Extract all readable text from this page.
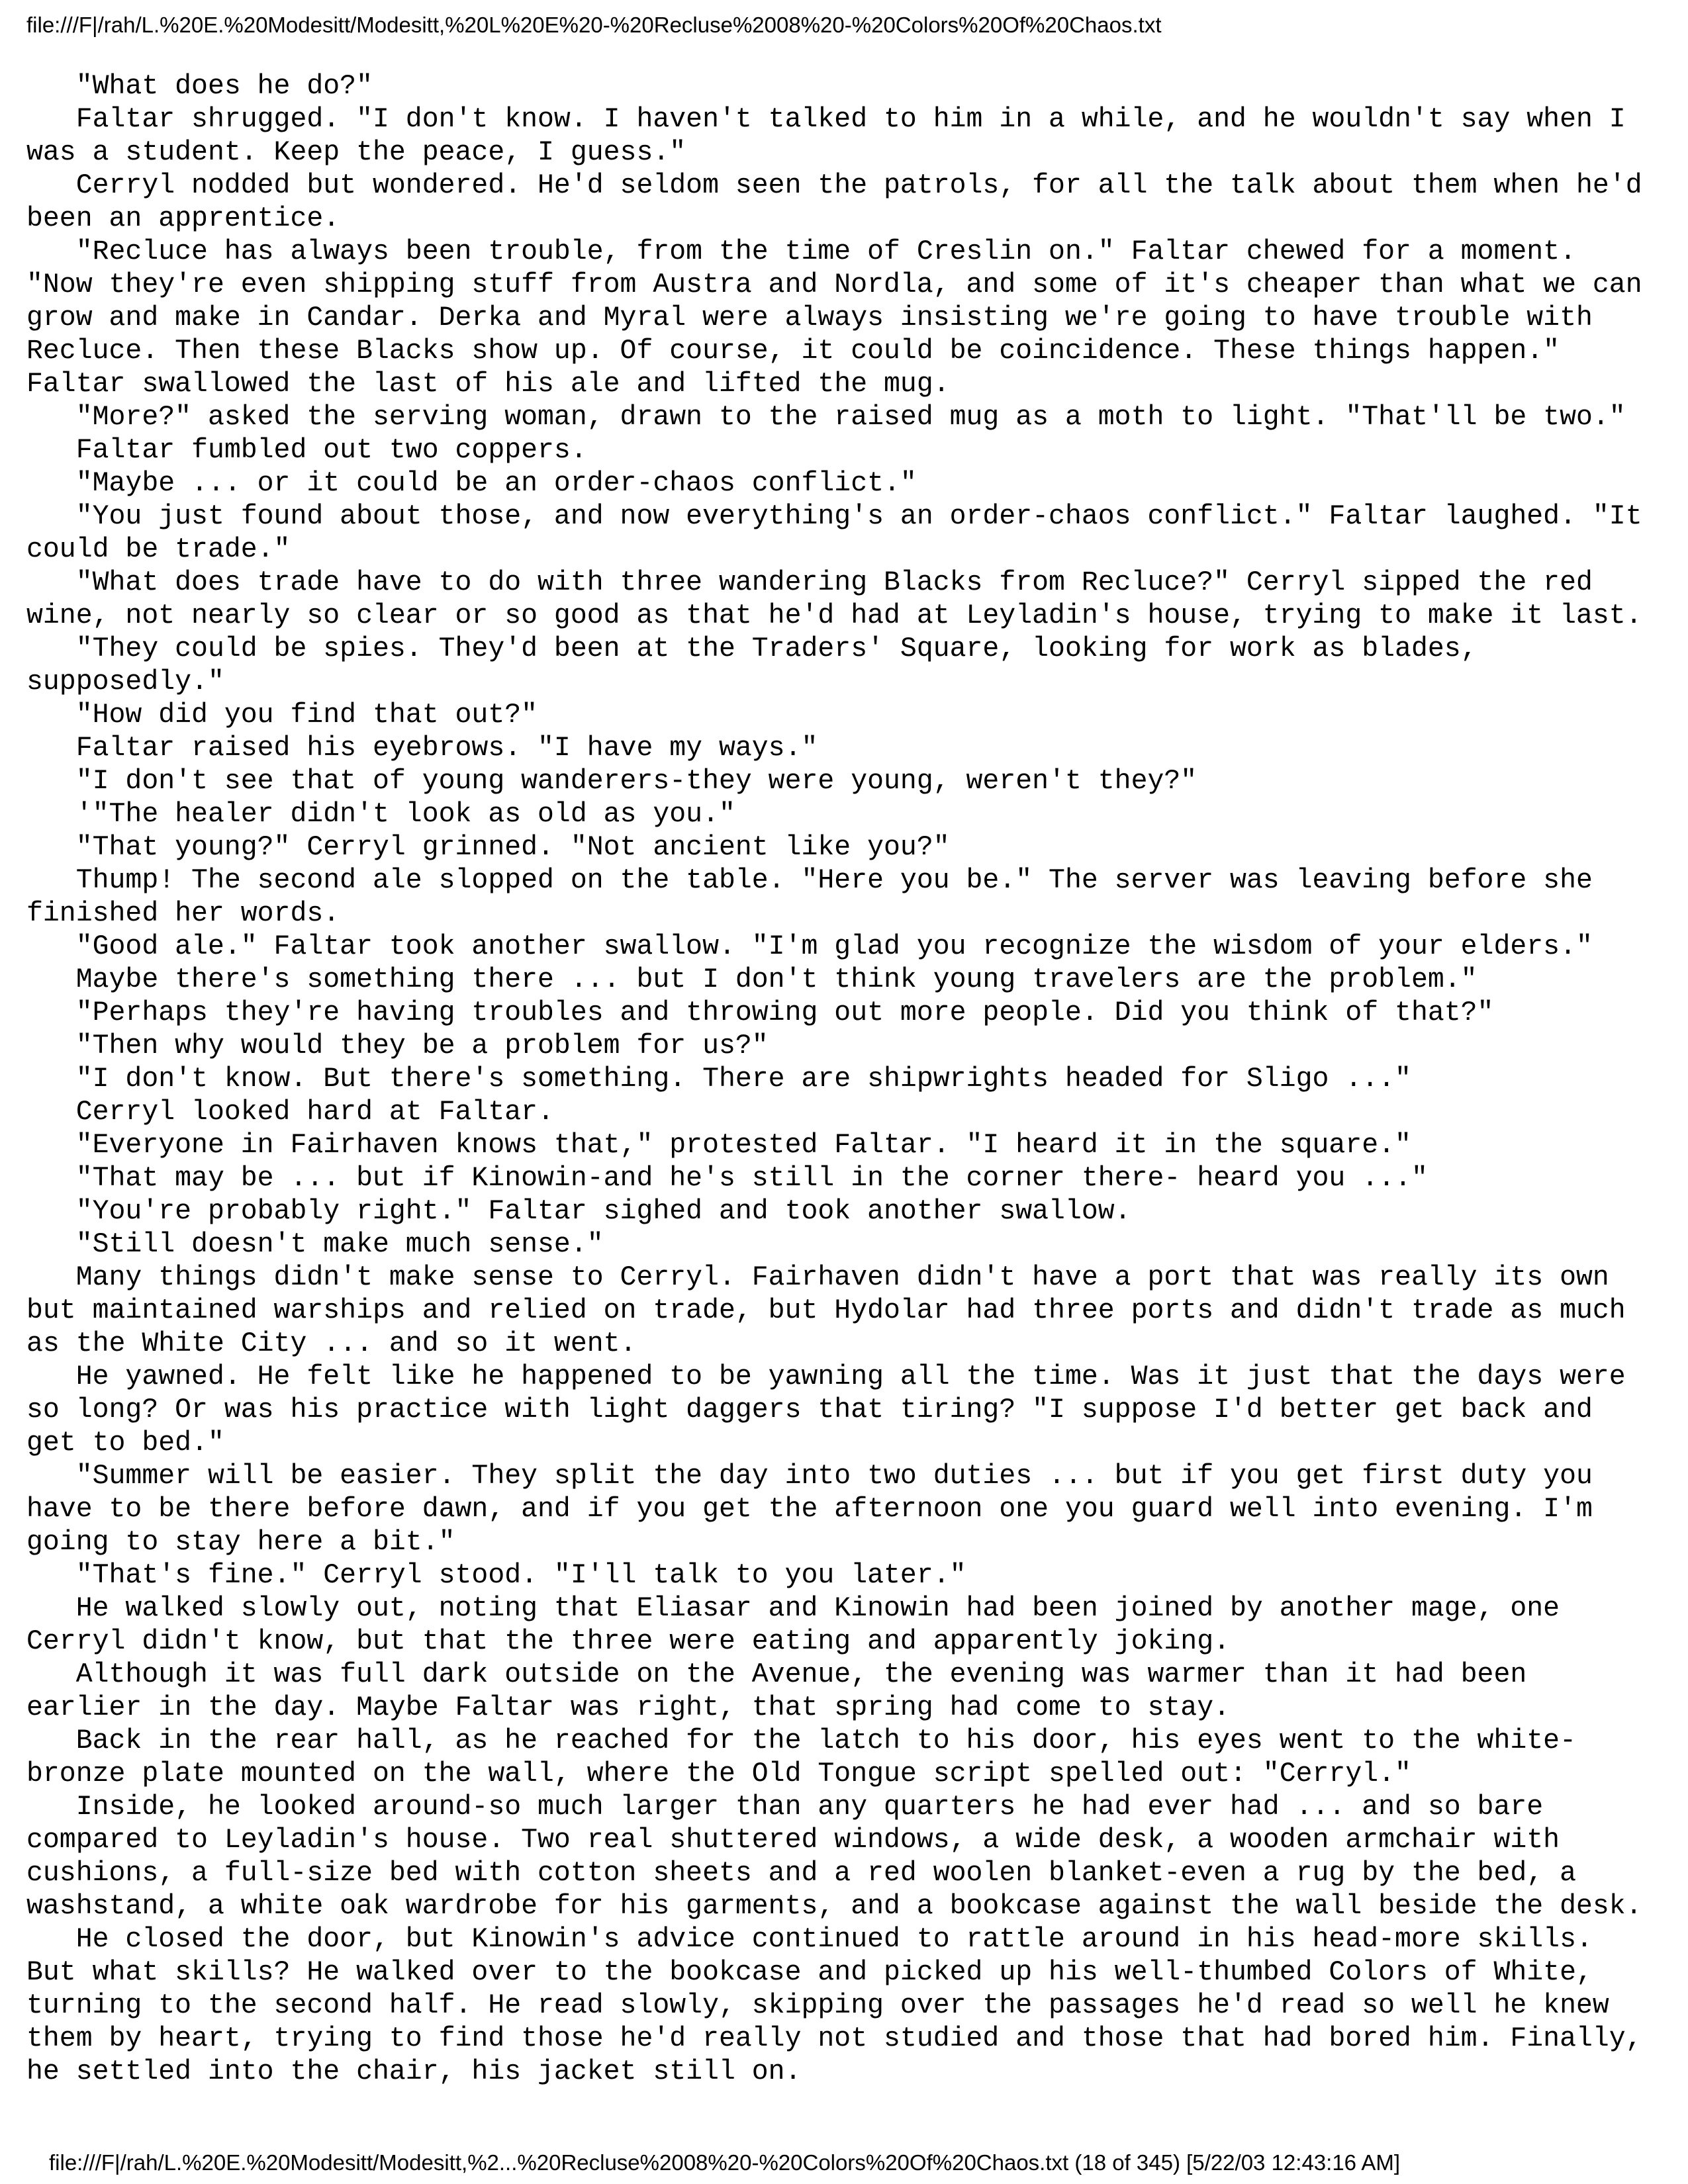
file:///F|/rah/L.%20E.%20Modesitt/Modesitt,%20L%20E%20-%20Recluse%2008%20-%20Colors%20Of%20Chaos.txt
"What does he do?"
Faltar shrugged. "I don't know. I haven't talked to him in a while, and he wouldn't say when I
was a student. Keep the peace, I guess."
Cerryl nodded but wondered. He'd seldom seen the patrols, for all the talk about them when he'd
been an apprentice.
"Recluce has always been trouble, from the time of Creslin on." Faltar chewed for a moment.
"Now they're even shipping stuff from Austra and Nordla, and some of it's cheaper than what we can
grow and make in Candar. Derka and Myral were always insisting we're going to have trouble with
Recluce. Then these Blacks show up. Of course, it could be coincidence. These things happen."
Faltar swallowed the last of his ale and lifted the mug.
"More?" asked the serving woman, drawn to the raised mug as a moth to light. "That'll be two."
Faltar fumbled out two coppers.
"Maybe ... or it could be an order-chaos conflict."
"You just found about those, and now everything's an order-chaos conflict." Faltar laughed. "It
could be trade."
"What does trade have to do with three wandering Blacks from Recluce?" Cerryl sipped the red
wine, not nearly so clear or so good as that he'd had at Leyladin's house, trying to make it last.
"They could be spies. They'd been at the Traders' Square, looking for work as blades,
supposedly."
"How did you find that out?"
Faltar raised his eyebrows. "I have my ways."
"I don't see that of young wanderers-they were young, weren't they?"
'"The healer didn't look as old as you."
"That young?" Cerryl grinned. "Not ancient like you?"
Thump! The second ale slopped on the table. "Here you be." The server was leaving before she
finished her words.
"Good ale." Faltar took another swallow. "I'm glad you recognize the wisdom of your elders."
Maybe there's something there ... but I don't think young travelers are the problem."
"Perhaps they're having troubles and throwing out more people. Did you think of that?"
"Then why would they be a problem for us?"
"I don't know. But there's something. There are shipwrights headed for Sligo ..."
Cerryl looked hard at Faltar.
"Everyone in Fairhaven knows that," protested Faltar. "I heard it in the square."
"That may be ... but if Kinowin-and he's still in the corner there- heard you ..."
"You're probably right." Faltar sighed and took another swallow.
"Still doesn't make much sense."
Many things didn't make sense to Cerryl. Fairhaven didn't have a port that was really its own
but maintained warships and relied on trade, but Hydolar had three ports and didn't trade as much
as the White City ... and so it went.
He yawned. He felt like he happened to be yawning all the time. Was it just that the days were
so long? Or was his practice with light daggers that tiring? "I suppose I'd better get back and
get to bed."
"Summer will be easier. They split the day into two duties ... but if you get first duty you
have to be there before dawn, and if you get the afternoon one you guard well into evening. I'm
going to stay here a bit."
"That's fine." Cerryl stood. "I'll talk to you later."
He walked slowly out, noting that Eliasar and Kinowin had been joined by another mage, one
Cerryl didn't know, but that the three were eating and apparently joking.
Although it was full dark outside on the Avenue, the evening was warmer than it had been
earlier in the day. Maybe Faltar was right, that spring had come to stay.
Back in the rear hall, as he reached for the latch to his door, his eyes went to the white-
bronze plate mounted on the wall, where the Old Tongue script spelled out: "Cerryl."
Inside, he looked around-so much larger than any quarters he had ever had ... and so bare
compared to Leyladin's house. Two real shuttered windows, a wide desk, a wooden armchair with
cushions, a full-size bed with cotton sheets and a red woolen blanket-even a rug by the bed, a
washstand, a white oak wardrobe for his garments, and a bookcase against the wall beside the desk.
He closed the door, but Kinowin's advice continued to rattle around in his head-more skills.
But what skills? He walked over to the bookcase and picked up his well-thumbed Colors of White,
turning to the second half. He read slowly, skipping over the passages he'd read so well he knew
them by heart, trying to find those he'd really not studied and those that had bored him. Finally,
he settled into the chair, his jacket still on.
file:///F|/rah/L.%20E.%20Modesitt/Modesitt,%2...%20Recluse%2008%20-%20Colors%20Of%20Chaos.txt (18 of 345) [5/22/03 12:43:16 AM]
